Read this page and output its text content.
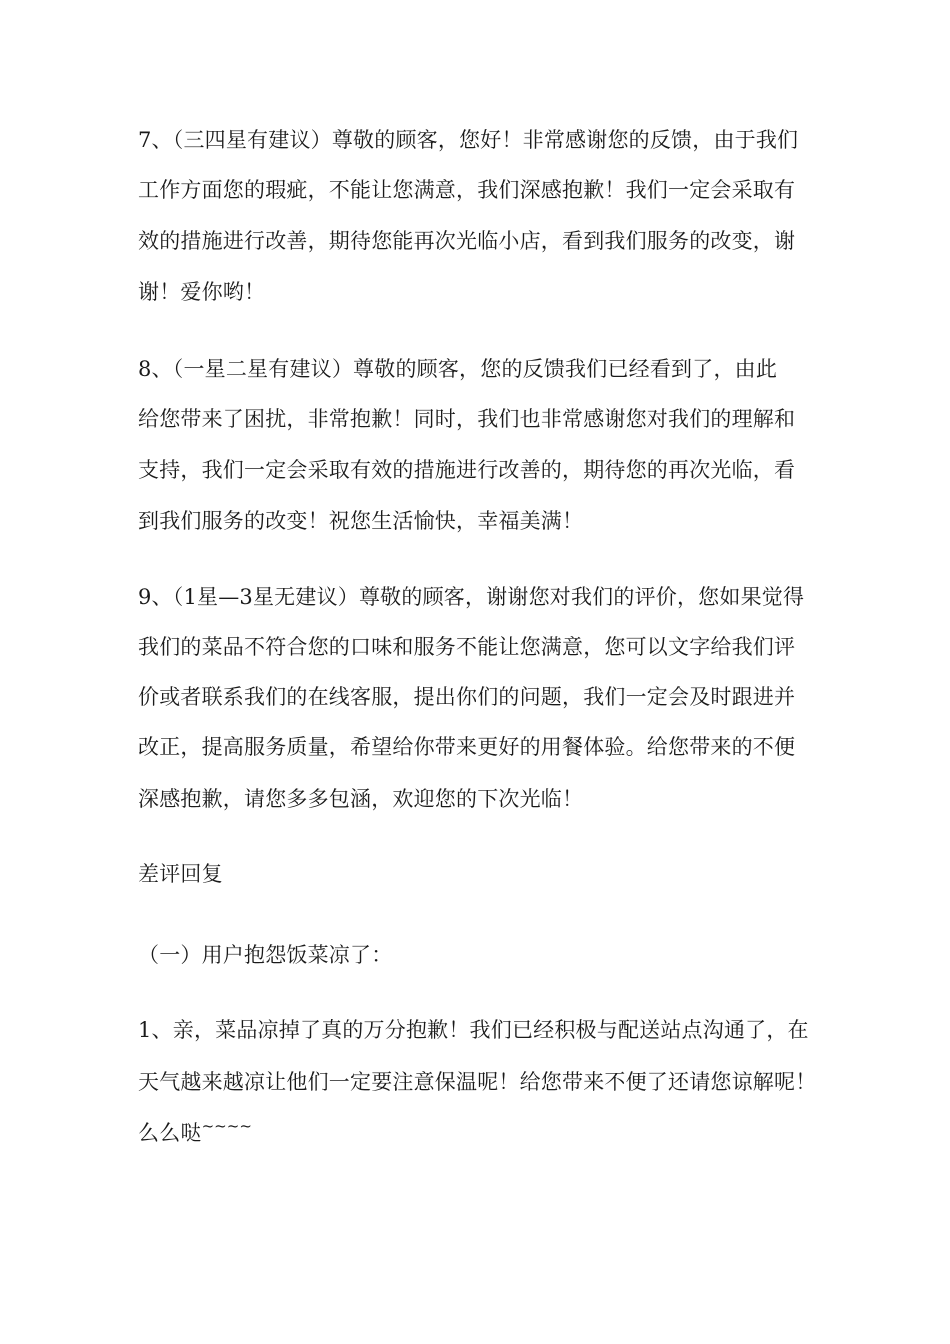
7、（三四星有建议）尊敬的顾客，您好！非常感谢您的反馈，由于我们
工作方面您的瑕疵，不能让您满意，我们深感抱歉！我们一定会采取有
效的措施进行改善，期待您能再次光临小店，看到我们服务的改变，谢
谢！爱你哟！
8、（一星二星有建议）尊敬的顾客，您的反馈我们已经看到了，由此
给您带来了困扰，非常抱歉！同时，我们也非常感谢您对我们的理解和
支持，我们一定会采取有效的措施进行改善的，期待您的再次光临，看
到我们服务的改变！祝您生活愉快，幸福美满！
9、（1星—3星无建议）尊敬的顾客，谢谢您对我们的评价，您如果觉得
我们的菜品不符合您的口味和服务不能让您满意，您可以文字给我们评
价或者联系我们的在线客服，提出你们的问题，我们一定会及时跟进并
改正，提高服务质量，希望给你带来更好的用餐体验。给您带来的不便
深感抱歉，请您多多包涵，欢迎您的下次光临！
差评回复
（一）用户抱怨饭菜凉了：
1、亲，菜品凉掉了真的万分抱歉！我们已经积极与配送站点沟通了，在
天气越来越凉让他们一定要注意保温呢！给您带来不便了还请您谅解呢！
么么哒~~~~
